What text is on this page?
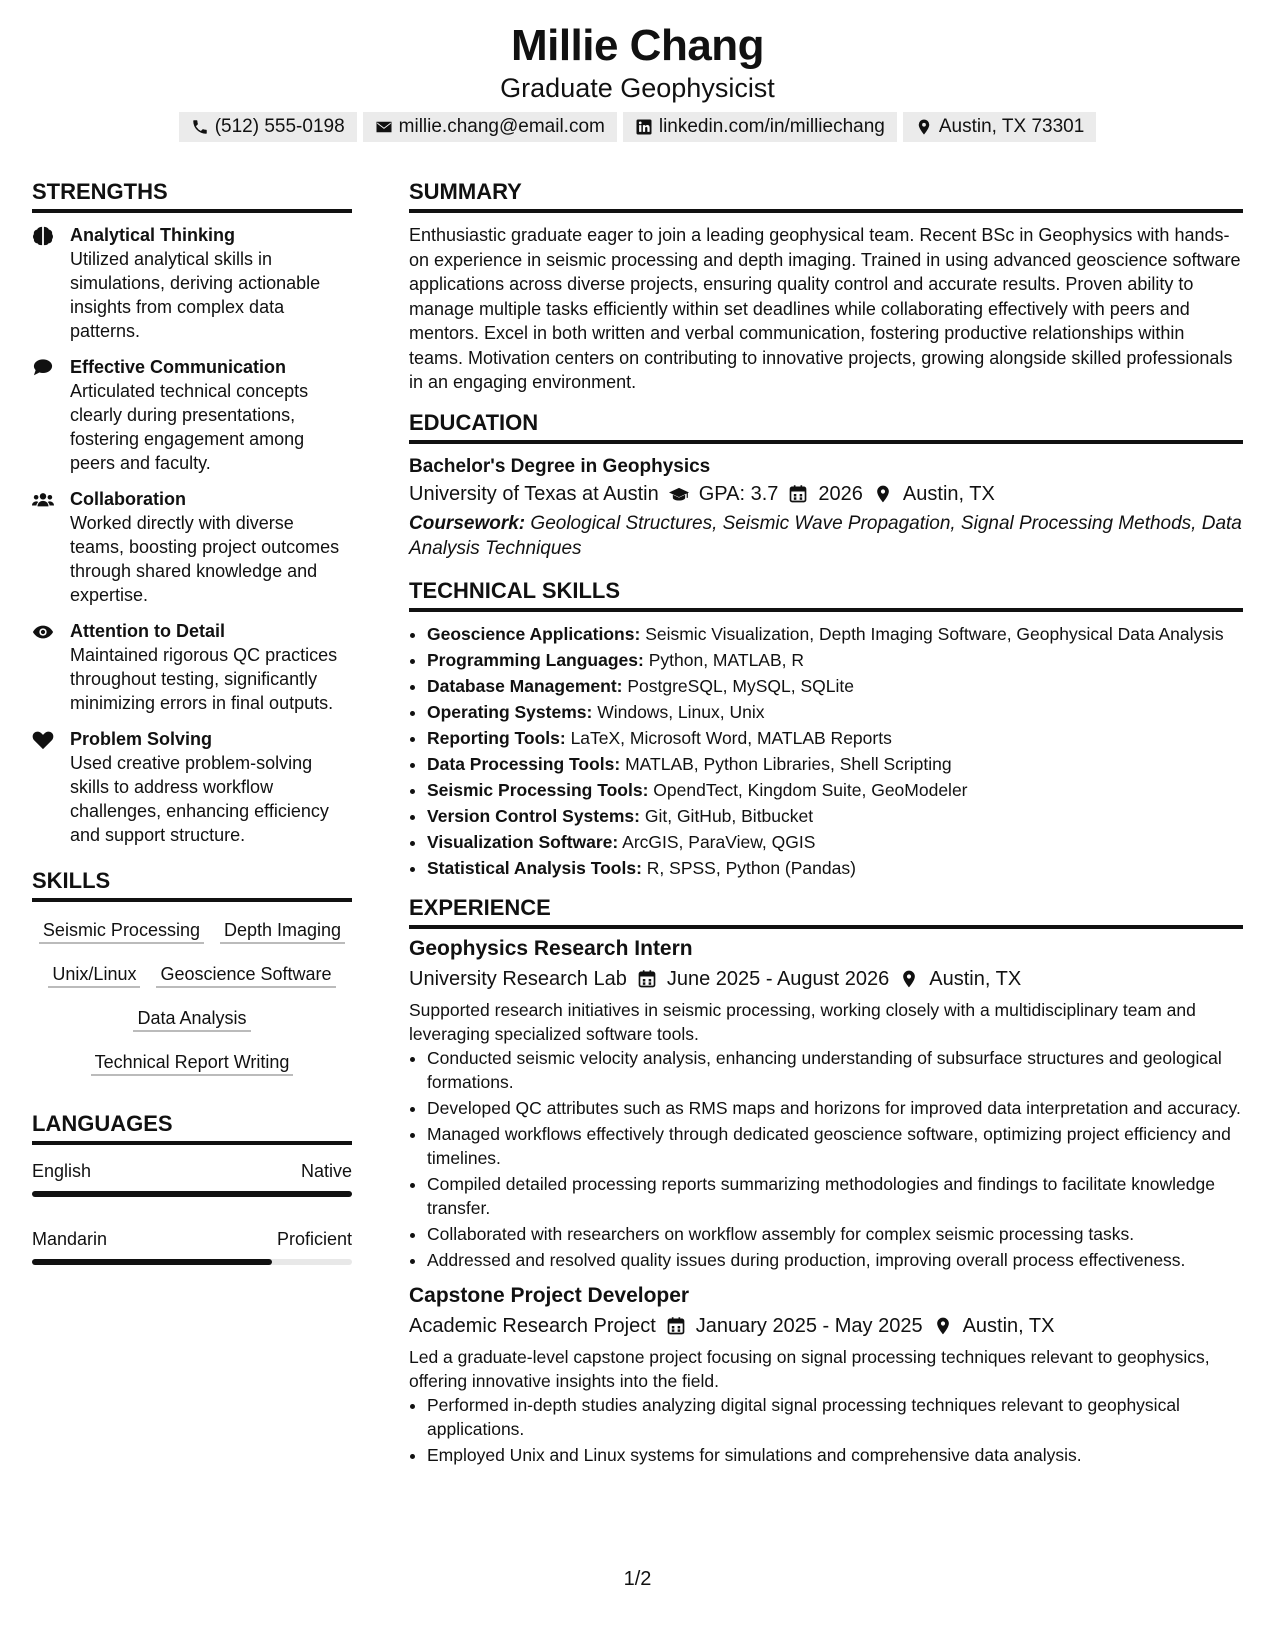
Millie Chang
Graduate Geophysicist
(512) 555-0198	millie.chang@email.com	linkedin.com/in/milliechang	Austin, TX 73301
STRENGTHS
Analytical Thinking
Utilized analytical skills in simulations, deriving actionable insights from complex data patterns.
Effective Communication
Articulated technical concepts clearly during presentations, fostering engagement among peers and faculty.
Collaboration
Worked directly with diverse teams, boosting project outcomes through shared knowledge and expertise.
Attention to Detail
Maintained rigorous QC practices throughout testing, significantly minimizing errors in final outputs.
Problem Solving
Used creative problem-solving skills to address workflow challenges, enhancing efficiency and support structure.
SKILLS
Seismic Processing Depth Imaging
Unix/Linux Geoscience Software
Data Analysis
Technical Report Writing
LANGUAGES
English	Native
Mandarin	Proficient
SUMMARY
Enthusiastic graduate eager to join a leading geophysical team. Recent BSc in Geophysics with hands-on experience in seismic processing and depth imaging. Trained in using advanced geoscience software applications across diverse projects, ensuring quality control and accurate results. Proven ability to manage multiple tasks efficiently within set deadlines while collaborating effectively with peers and mentors. Excel in both written and verbal communication, fostering productive relationships within teams. Motivation centers on contributing to innovative projects, growing alongside skilled professionals in an engaging environment.
EDUCATION
Bachelor's Degree in Geophysics
University of Texas at Austin GPA: 3.7 2026 Austin, TX
Coursework: Geological Structures, Seismic Wave Propagation, Signal Processing Methods, Data Analysis Techniques
TECHNICAL SKILLS
• Geoscience Applications: Seismic Visualization, Depth Imaging Software, Geophysical Data Analysis
• Programming Languages: Python, MATLAB, R
• Database Management: PostgreSQL, MySQL, SQLite
• Operating Systems: Windows, Linux, Unix
• Reporting Tools: LaTeX, Microsoft Word, MATLAB Reports
• Data Processing Tools: MATLAB, Python Libraries, Shell Scripting
• Seismic Processing Tools: OpendTect, Kingdom Suite, GeoModeler
• Version Control Systems: Git, GitHub, Bitbucket
• Visualization Software: ArcGIS, ParaView, QGIS
• Statistical Analysis Tools: R, SPSS, Python (Pandas)
EXPERIENCE
Geophysics Research Intern
University Research Lab June 2025 - August 2026 Austin, TX
Supported research initiatives in seismic processing, working closely with a multidisciplinary team and leveraging specialized software tools.
• Conducted seismic velocity analysis, enhancing understanding of subsurface structures and geological formations.
• Developed QC attributes such as RMS maps and horizons for improved data interpretation and accuracy.
• Managed workflows effectively through dedicated geoscience software, optimizing project efficiency and timelines.
• Compiled detailed processing reports summarizing methodologies and findings to facilitate knowledge transfer.
• Collaborated with researchers on workflow assembly for complex seismic processing tasks.
• Addressed and resolved quality issues during production, improving overall process effectiveness.
Capstone Project Developer
Academic Research Project January 2025 - May 2025 Austin, TX
Led a graduate-level capstone project focusing on signal processing techniques relevant to geophysics, offering innovative insights into the field.
• Performed in-depth studies analyzing digital signal processing techniques relevant to geophysical applications.
• Employed Unix and Linux systems for simulations and comprehensive data analysis.
1/2
